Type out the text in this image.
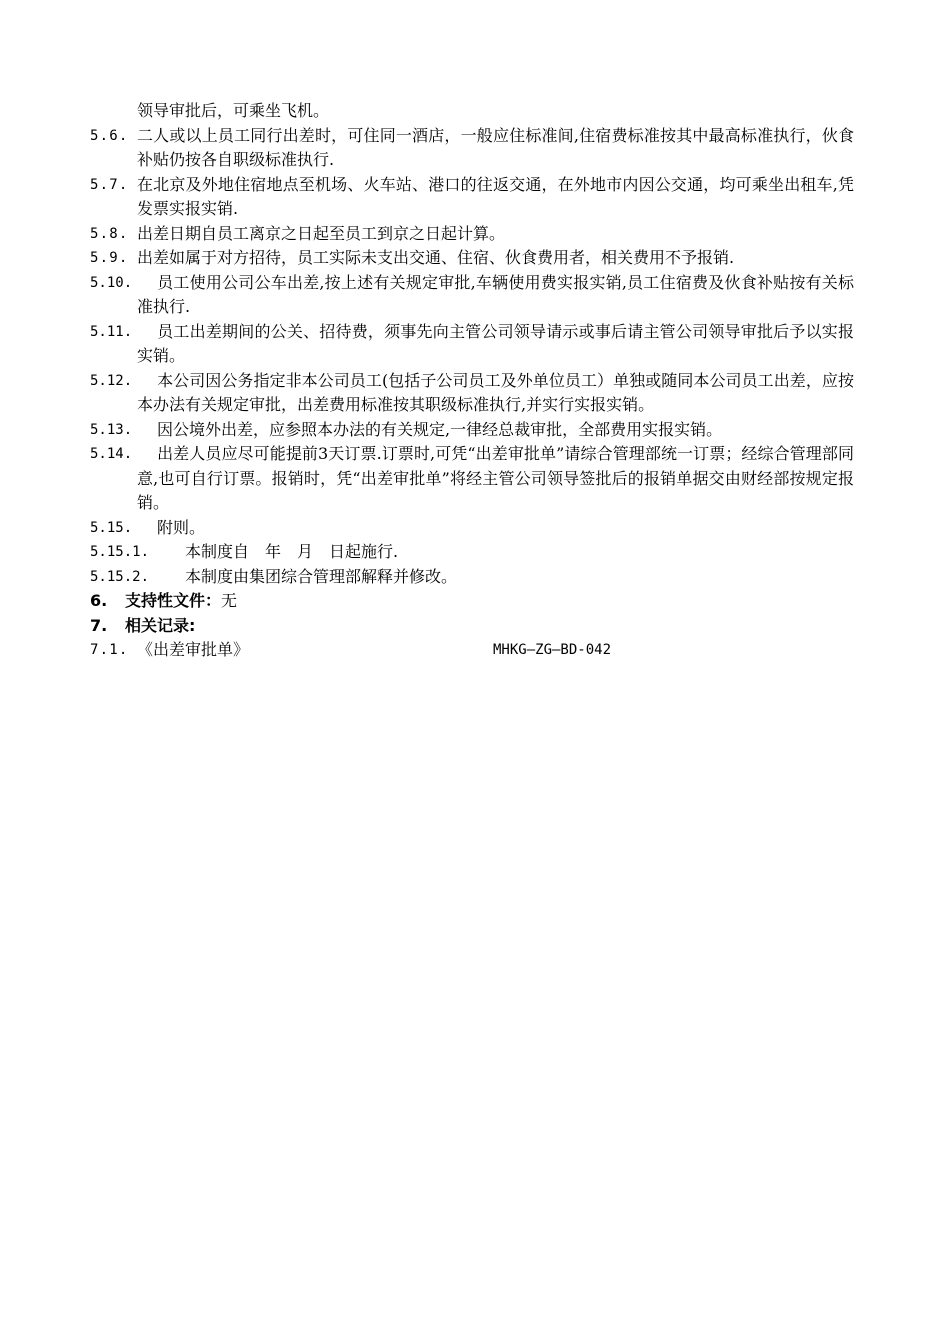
领导审批后，可乘坐飞机。
5.6. 二人或以上员工同行出差时，可住同一酒店，一般应住标准间,住宿费标准按其中最高标准执行，伙食补贴仍按各自职级标准执行.
5.7. 在北京及外地住宿地点至机场、火车站、港口的往返交通，在外地市内因公交通，均可乘坐出租车,凭发票实报实销.
5.8. 出差日期自员工离京之日起至员工到京之日起计算。
5.9. 出差如属于对方招待，员工实际未支出交通、住宿、伙食费用者，相关费用不予报销.
5.10.	员工使用公司公车出差,按上述有关规定审批,车辆使用费实报实销,员工住宿费及伙食补贴按有关标准执行.
5.11.	员工出差期间的公关、招待费，须事先向主管公司领导请示或事后请主管公司领导审批后予以实报实销。
5.12.	本公司因公务指定非本公司员工(包括子公司员工及外单位员工）单独或随同本公司员工出差，应按本办法有关规定审批，出差费用标准按其职级标准执行,并实行实报实销。
5.13.	因公境外出差，应参照本办法的有关规定,一律经总裁审批，全部费用实报实销。
5.14.	出差人员应尽可能提前3天订票.订票时,可凭“出差审批单”请综合管理部统一订票；经综合管理部同意,也可自行订票。报销时，凭“出差审批单”将经主管公司领导签批后的报销单据交由财经部按规定报销。
5.15.	附则。
5.15.1.	本制度自　年　月　日起施行.
5.15.2.	本制度由集团综合管理部解释并修改。
6. 支持性文件：无
7. 相关记录:
7.1. 《出差审批单》	MHKG—ZG—BD-042
